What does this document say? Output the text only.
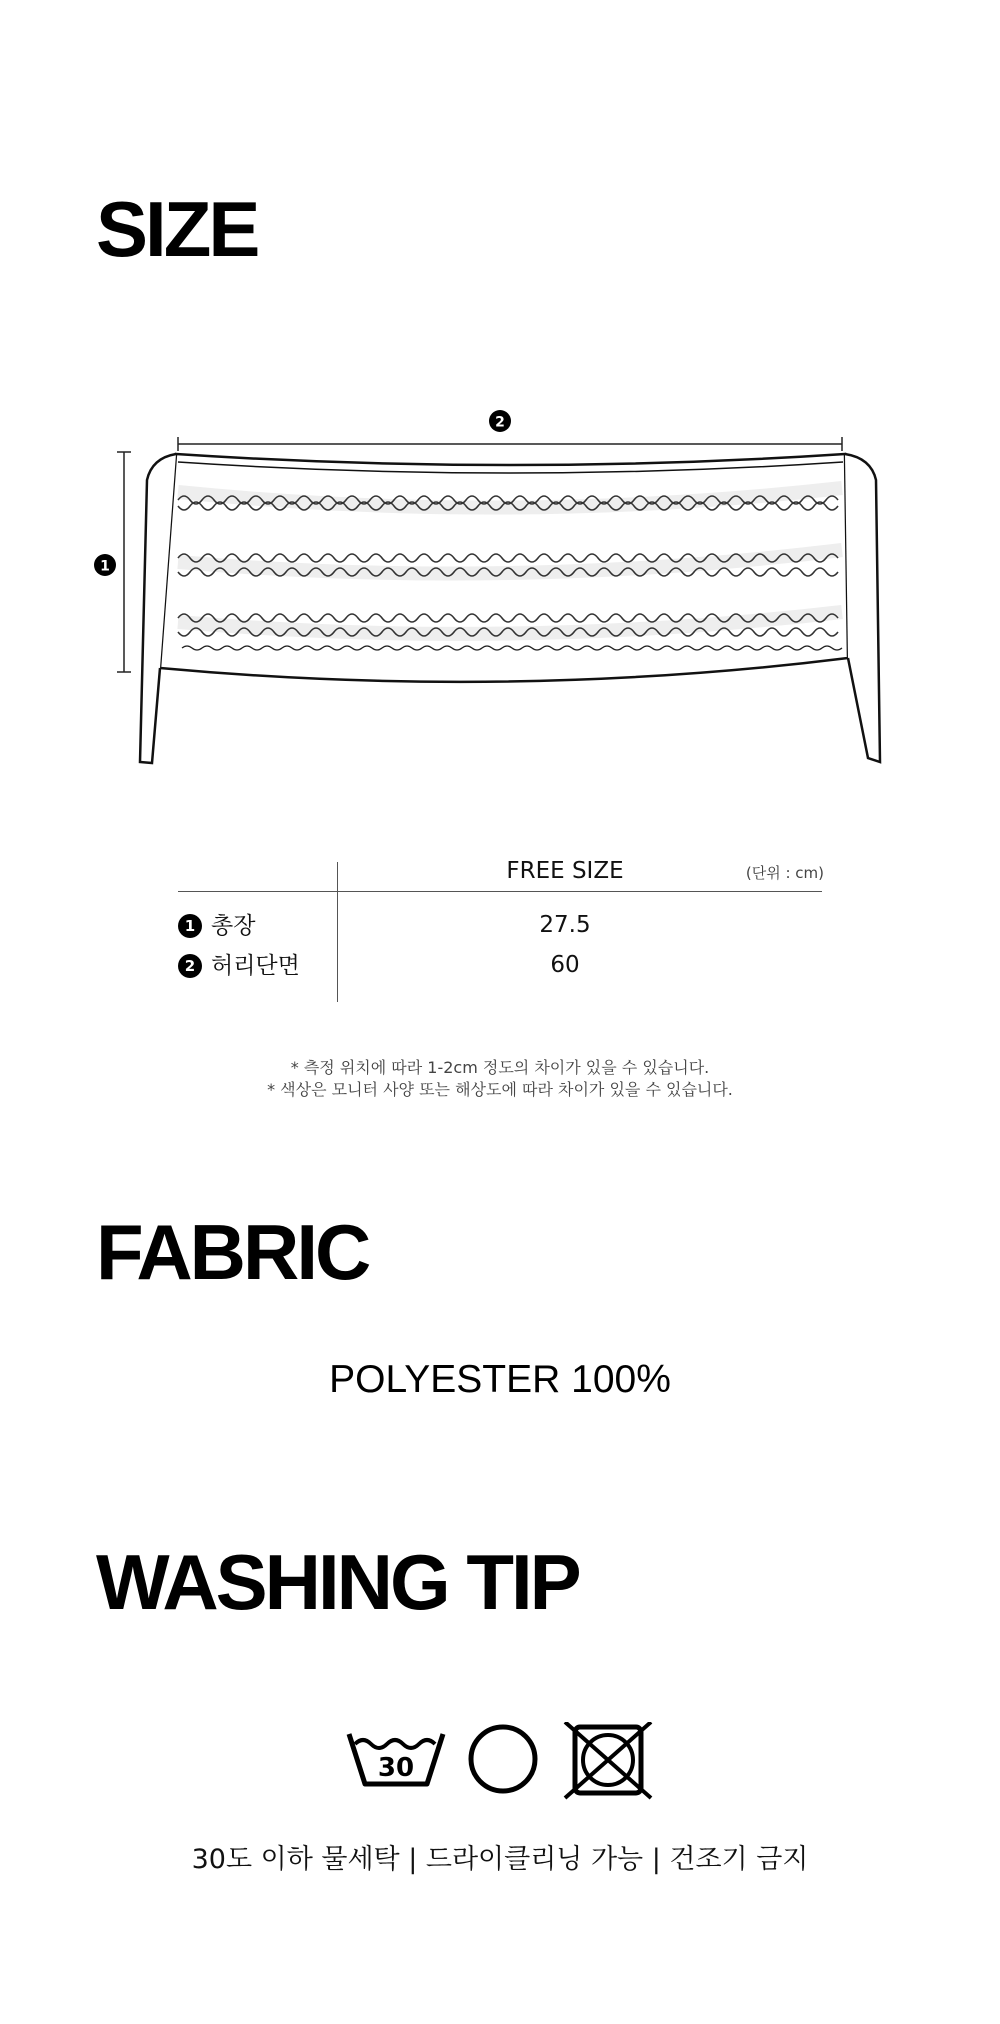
SIZE
2
1
FREE SIZE	(단위 : cm)
1 총장	27.5
2 허리단면	60
* 측정 위치에 따라 1-2cm 정도의 차이가 있을 수 있습니다.
* 색상은 모니터 사양 또는 해상도에 따라 차이가 있을 수 있습니다.
FABRIC
POLYESTER 100%
WASHING TIP
30
30도 이하 물세탁 | 드라이클리닝 가능 | 건조기 금지
